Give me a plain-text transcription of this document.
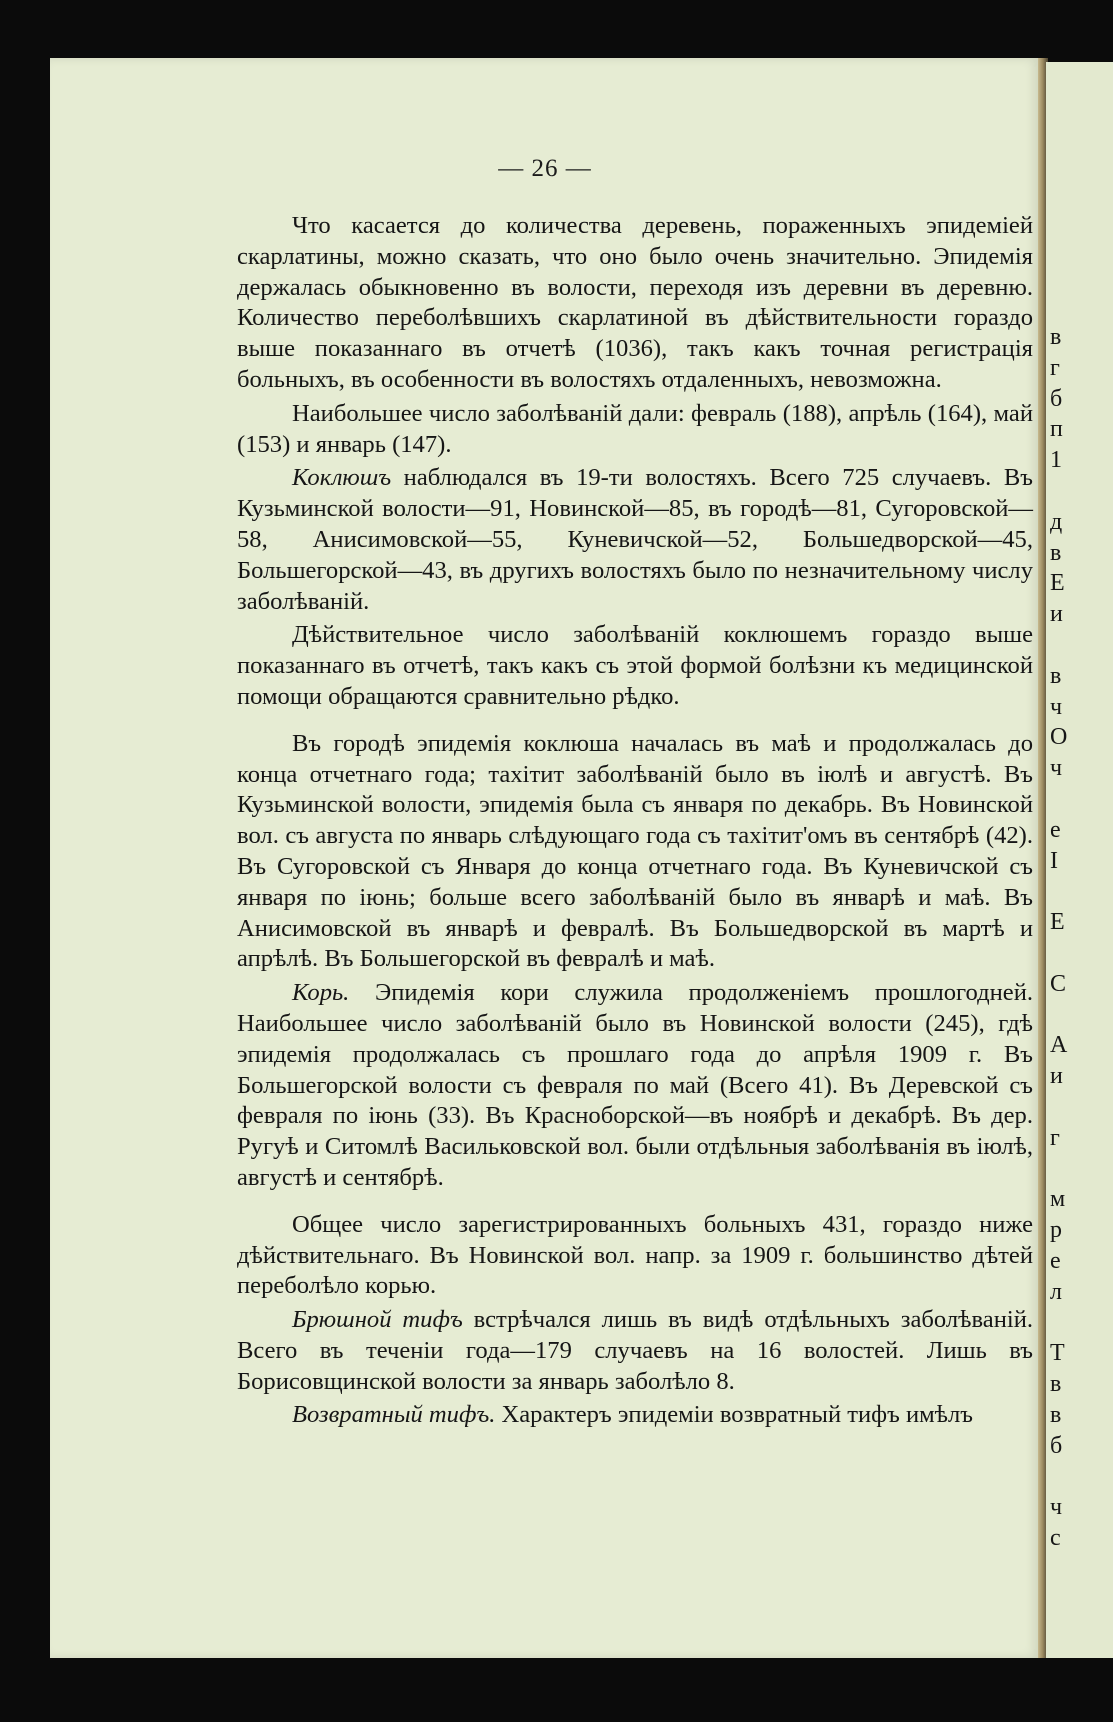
— 26 —

Что касается до количества деревень, пораженныхъ эпидеміей скарлатины, можно сказать, что оно было очень значительно. Эпидемія держалась обыкновенно въ волости, переходя изъ деревни въ деревню. Количество переболѣвшихъ скарлатиной въ дѣйствительности гораздо выше показаннаго въ отчетѣ (1036), такъ какъ точная регистрація больныхъ, въ особенности въ волостяхъ отдаленныхъ, невозможна.

Наибольшее число заболѣваній дали: февраль (188), апрѣль (164), май (153) и январь (147).

Коклюшъ наблюдался въ 19-ти волостяхъ. Всего 725 случаевъ. Въ Кузьминской волости—91, Новинской—85, въ городѣ—81, Сугоровской—58, Анисимовской—55, Куневичской—52, Большедворской—45, Большегорской—43, въ другихъ волостяхъ было по незначительному числу заболѣваній.

Дѣйствительное число заболѣваній коклюшемъ гораздо выше показаннаго въ отчетѣ, такъ какъ съ этой формой болѣзни къ медицинской помощи обращаются сравнительно рѣдко.

Въ городѣ эпидемія коклюша началась въ маѣ и продолжалась до конца отчетнаго года; тахітит заболѣваній было въ іюлѣ и августѣ. Въ Кузьминской волости, эпидемія была съ января по декабрь. Въ Новинской вол. съ августа по январь слѣдующаго года съ тахітит'омъ въ сентябрѣ (42). Въ Сугоровской съ Января до конца отчетнаго года. Въ Куневичской съ января по іюнь; больше всего заболѣваній было въ январѣ и маѣ. Въ Анисимовской въ январѣ и февралѣ. Въ Большедворской въ мартѣ и апрѣлѣ. Въ Большегорской въ февралѣ и маѣ.

Корь. Эпидемія кори служила продолженіемъ прошлогодней. Наибольшее число заболѣваній было въ Новинской волости (245), гдѣ эпидемія продолжалась съ прошлаго года до апрѣля 1909 г. Въ Большегорской волости съ февраля по май (Всего 41). Въ Деревской съ февраля по іюнь (33). Въ Красноборской—въ ноябрѣ и декабрѣ. Въ дер. Ругуѣ и Ситомлѣ Васильковской вол. были отдѣльныя заболѣванія въ іюлѣ, августѣ и сентябрѣ.

Общее число зарегистрированныхъ больныхъ 431, гораздо ниже дѣйствительнаго. Въ Новинской вол. напр. за 1909 г. большинство дѣтей переболѣло корью.

Брюшной тифъ встрѣчался лишь въ видѣ отдѣльныхъ заболѣваній. Всего въ теченіи года—179 случаевъ на 16 волостей. Лишь въ Борисовщинской волости за январь заболѣло 8.

Возвратный тифъ. Характеръ эпидеміи возвратный тифъ имѣлъ

в
г
б
п
1

д
в
Е
и

в
ч
О
ч

е
I

Е

С

А
и

г

м
р
е
л

Т
в
в
б

ч
с
